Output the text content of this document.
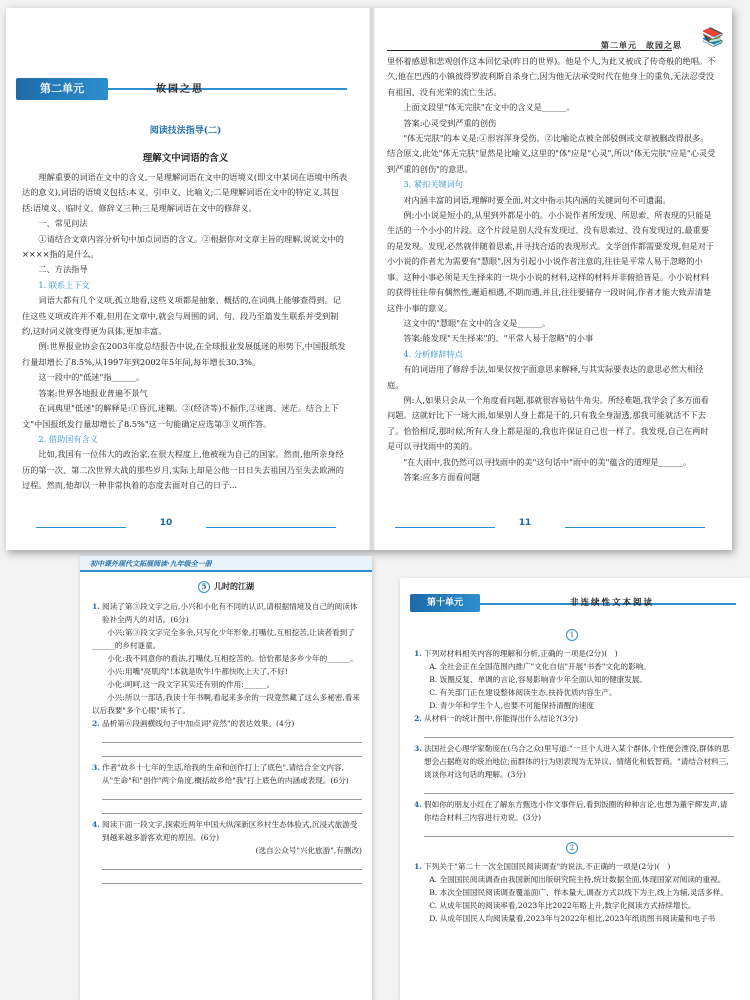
第二单元	故园之思
阅读技法指导(二)
理解文中词语的含义

理解重要的词语在文中的含义,一是理解词语在文中的语境义(即文中某词在语境中所表达的意义),词语的语境义包括:本义、引申义、比喻义;二是理解词语在文中的特定义,其包括:语境义、临时义、修辞义三种;三是理解词语在文中的修辞义。

一、常见问法

①请结合文章内容分析句中加点词语的含义。②根据你对文章主旨的理解,说说文中的××××指的是什么。

二、方法指导

1. 联系上下文

词语大都有几个义项,孤立地看,这些义项都是抽象、概括的,在词典上能够查得到。记住这些义项或许并不难,但用在文章中,就会与周围的词、句、段乃至篇发生联系并受到制约,这时词义就变得更为具体,更加丰富。

例:世界报业协会在2003年度总结报告中说,在全球报业发展低迷的形势下,中国报纸发行量却增长了8.5%,从1997年到2002年5年间,每年增长30.3%。

这一段中的"低迷"指______。

答案:世界各地报业普遍不景气

在词典里"低迷"的解释是:①昏沉,迷糊。②(经济等)不振作,②迷离、迷茫。结合上下文"中国报纸发行量却增长了8.5%"这一句能确定应选第③义项作答。

2. 借助国有含义

比如,我国有一位伟大的政治家,在很大程度上,他被视为自己的国家。然而,他所亲身经历的第一次、第二次世界大战的那些岁月,实际上却是公他一日日失去祖国乃至失去欧洲的过程。然而,他却以一种非常执着的态度去面对自己的日子...

10
第二单元　故园之思 📚

里怀着感恩和悲观创作这本回忆录(昨日的世界)。他是个人,为此又被成了传奇般的绝唱。不久,他在巴西的小镇彼得罗波利斯自杀身亡,因为他无法承受时代在他身上的重负,无法忍受没有祖国、没有光荣的流亡生活。

上面文段里"体无完肤"在文中的含义是______。

答案:心灵受到严重的创伤

"体无完肤"的本义是:①形容浑身受伤。②比喻论点被全部驳倒或文章被删改得很多。结合原文,此处"体无完肤"显然是比喻义,这里的"体"应是"心灵",所以"体无完肤"应是"心灵受到严重的创伤"的意思。

3. 紧扣关键词句

对内涵丰富的词语,理解时要全面,对文中指示其内涵的关键词句不可遗漏。

例:小小说是短小的,从里到外都是小的。小小说作者所发现、所思索、所表现的只能是生活的一个小小的片段。这个片段是别人没有发现过、没有思索过、没有发现过的,最重要的是发现。发现,必然就伴随着思索,并寻找合适的表现形式。文学创作都需要发现,但是对于小小说的作者尤为需要有"慧眼",因为引起小小说作者注意的,往往是平常人易于忽略的小事。这种小事必须是天生择来的一块小小说的材料,这样的材料并非俯拾皆是。小小说材料的获得往往带有偶然性,邂逅相遇,不期而遇,并且,往往要储存一段时间,作者才能大致弄清楚这件小事的意义。

这文中的"慧眼"在文中的含义是______。

答案:能发现"天生择来"的、"平常人易于忽略"的小事

4. 分析修辞特点

有的词语用了修辞手法,如果仅按字面意思来解释,与其实际要表达的意思必然大相径庭。

例:人,如果只会从一个角度看问题,那就很容易钻牛角尖。所经难题,我学会了多方面看问题。这就好比下一场大雨,如果别人身上都是干的,只有我全身湿透,那我可能就活不下去了。恰恰相反,那时候,所有人身上都是湿的,我也许保证自己也一样了。我发现,自己在两时是可以寻找雨中的美的。

"在大雨中,我仍然可以寻找雨中的美"这句话中"雨中的美"蕴含的道理是______。

答案:应多方面看问题

11
初中课外现代文拓展阅读·九年级全一册
5 儿时的江湖
1. 阅读了第③段文字之后,小兴和小化有不同的认识,请根据情境及自己的阅读体验补全两人的对话。(6分)

小兴:第③段文字完全多余,只写化少年形象,打嘴仗,互相挖苦,让读者看到了______的乡村谜童。

小化:我不同意你的看法,打嘴仗,互相挖苦的。恰恰都是多乡少年的______。

小兴:用嘴"亮肌肉"!本就是吹牛!牛都快吹上天了,不好!

小化:呵呵,这一段文字其实还有别的作用:______。

小兴:所以一部话,我读十年书啊,看起来多余的一段竟然藏了这么多秘密,看来以后我要"多个心眼"读书了。

2. 品析第⑥段画横线句子中加点词"竞然"的表达效果。(4分)
3. 作者"故乡十七年的生活,给我的生命和创作打上了底色",请结合全文内容,从"生命"和"创作"两个角度,概括故乡给"我"打上底色的内涵或表现。(6分)
4. 阅读下面一段文字,探索近两年中国大纵深新区乡村生态体验式,沉浸式旅游受到越来越多游客欢迎的原因。(6分)

(选自公众号"兴化旅游",有删改)

第十单元	非连续性文本阅读
1
1. 下列对材料相关内容的理解和分析,正确的一项是(2分)(　)

A. 全社会正在全国范围内推广"文化自信"开展"书香"文化的影响。

B. 饭圈反复、单调的言论,容易影响青少年全面认知的健康发展。

C. 有关部门正在建设整体阅读生态,扶持优质内容生产。

D. 青少年和学生个人,也要不可能保持清醒的速度

2. 从材料一的统计图中,你能得出什么结论?(3分)
3. 法国社会心理学家勒庞在(乌合之众)里写道:"一旦个人进入某个群体,个性便会湮没,群体的思想会占据绝对的统治地位;而群体的行为则表现为无异议、情绪化和低智商。"请结合材料三,谈谈你对这句话的理解。(3分)
4. 假如你的朋友小红在了解东方甄选小作文事件后,看到饭圈的种种言论,也想为董宇辉发声,请你结合材料三内容进行劝说。(3分)
2
1. 下列关于"第二十一次全国国民阅读调查"的说法,不正确的一项是(2分)(　)

A. 全国国民阅读调查由我国新闻出版研究院主持,统计数据全面,体现国家对阅读的重视。

B. 本次全国国民阅读调查覆盖面广、样本量大,调查方式以线下为主,线上为辅,灵活多样。

C. 从成年国民的阅读率看,2023年比2022年略上升,数字化阅读方式持续增长。

D. 从成年国民人均阅读量看,2023年与2022年相比,2023年纸质图书阅读量和电子书
